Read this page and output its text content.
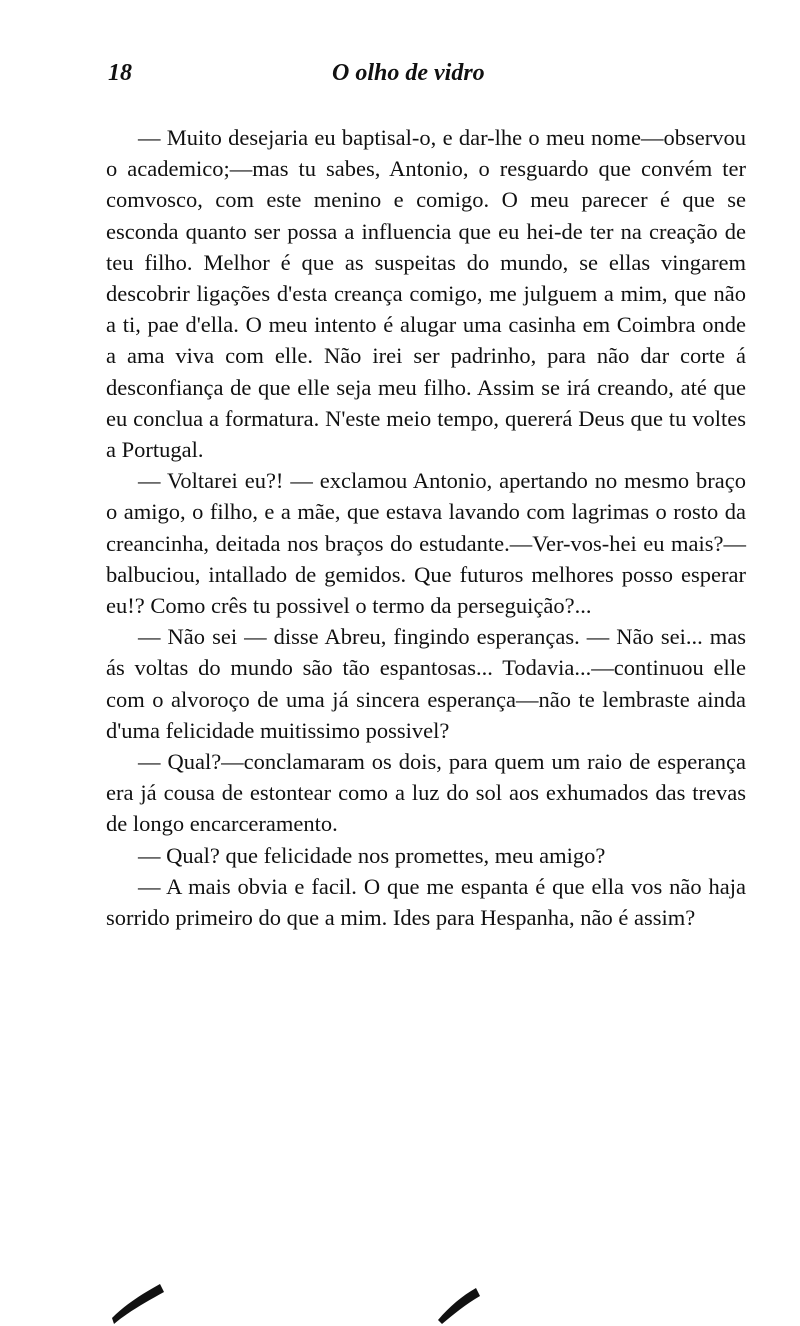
18	O olho de vidro

— Muito desejaria eu baptisal-o, e dar-lhe o meu nome—observou o academico;—mas tu sabes, Antonio, o resguardo que convém ter comvosco, com este menino e comigo. O meu parecer é que se esconda quanto ser possa a influencia que eu hei-de ter na creação de teu filho. Melhor é que as suspeitas do mundo, se ellas vingarem descobrir ligações d'esta creança comigo, me julguem a mim, que não a ti, pae d'ella. O meu intento é alugar uma casinha em Coimbra onde a ama viva com elle. Não irei ser padrinho, para não dar corte á desconfiança de que elle seja meu filho. Assim se irá creando, até que eu conclua a formatura. N'este meio tempo, quererá Deus que tu voltes a Portugal.

— Voltarei eu?! — exclamou Antonio, apertando no mesmo braço o amigo, o filho, e a mãe, que estava lavando com lagrimas o rosto da creancinha, deitada nos braços do estudante.—Ver-vos-hei eu mais?—balbuciou, intallado de gemidos. Que futuros melhores posso esperar eu!? Como crês tu possivel o termo da perseguição?...

— Não sei — disse Abreu, fingindo esperanças. — Não sei... mas ás voltas do mundo são tão espantosas... Todavia...—continuou elle com o alvoroço de uma já sincera esperança—não te lembraste ainda d'uma felicidade muitissimo possivel?

— Qual?—conclamaram os dois, para quem um raio de esperança era já cousa de estontear como a luz do sol aos exhumados das trevas de longo encarceramento.

— Qual? que felicidade nos promettes, meu amigo?

— A mais obvia e facil. O que me espanta é que ella vos não haja sorrido primeiro do que a mim. Ides para Hespanha, não é assim?
